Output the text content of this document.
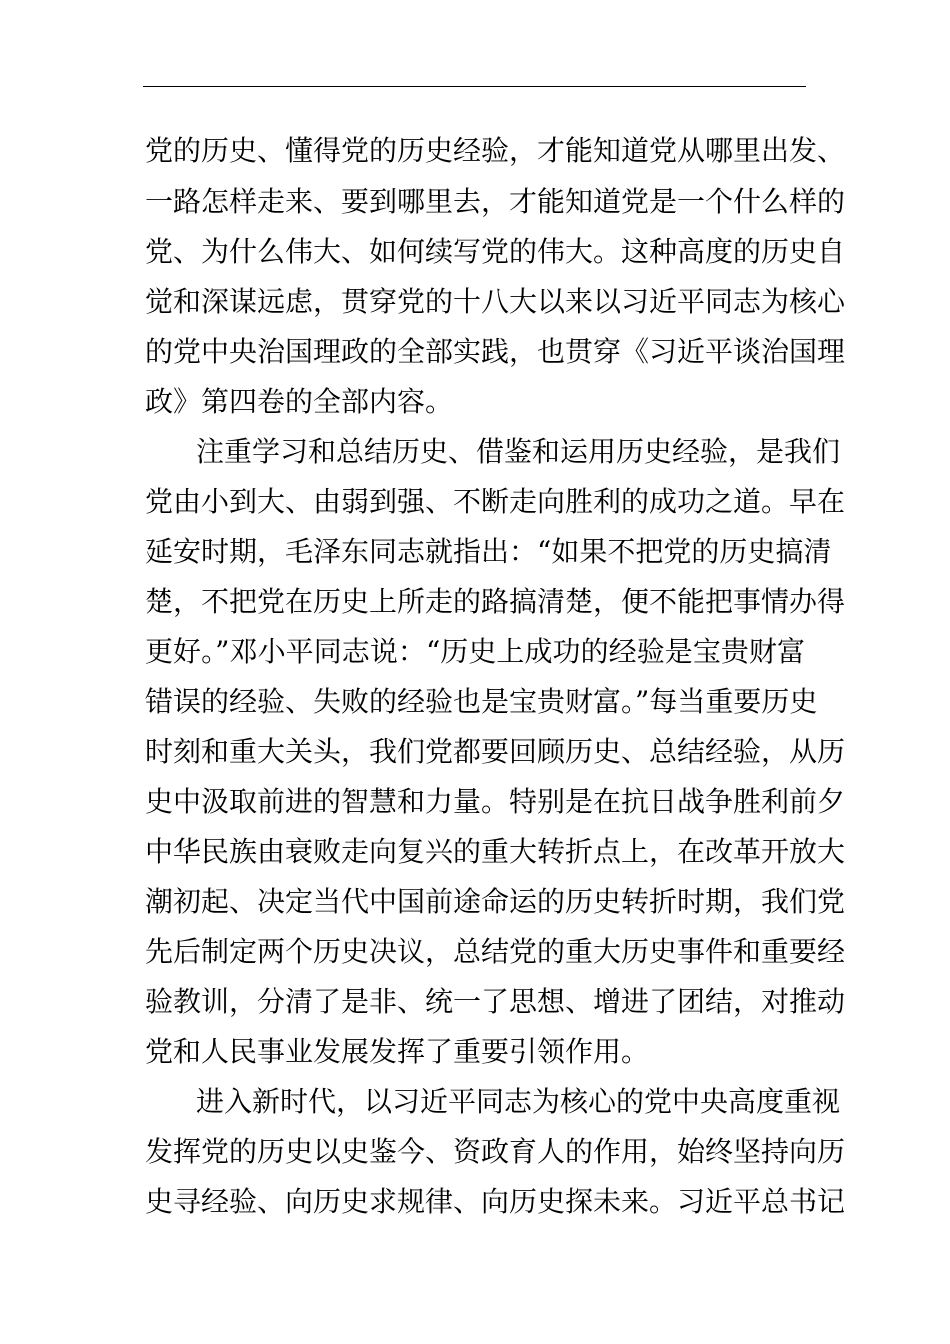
党的历史、懂得党的历史经验，才能知道党从哪里出发、
一路怎样走来、要到哪里去，才能知道党是一个什么样的
党、为什么伟大、如何续写党的伟大。这种高度的历史自
觉和深谋远虑，贯穿党的十八大以来以习近平同志为核心
的党中央治国理政的全部实践，也贯穿《习近平谈治国理
政》第四卷的全部内容。
注重学习和总结历史、借鉴和运用历史经验，是我们
党由小到大、由弱到强、不断走向胜利的成功之道。早在
延安时期，毛泽东同志就指出：“如果不把党的历史搞清
楚，不把党在历史上所走的路搞清楚，便不能把事情办得
更好。”邓小平同志说：“历史上成功的经验是宝贵财富
错误的经验、失败的经验也是宝贵财富。”每当重要历史
时刻和重大关头，我们党都要回顾历史、总结经验，从历
史中汲取前进的智慧和力量。特别是在抗日战争胜利前夕
中华民族由衰败走向复兴的重大转折点上，在改革开放大
潮初起、决定当代中国前途命运的历史转折时期，我们党
先后制定两个历史决议，总结党的重大历史事件和重要经
验教训，分清了是非、统一了思想、增进了团结，对推动
党和人民事业发展发挥了重要引领作用。
进入新时代，以习近平同志为核心的党中央高度重视
发挥党的历史以史鉴今、资政育人的作用，始终坚持向历
史寻经验、向历史求规律、向历史探未来。习近平总书记
